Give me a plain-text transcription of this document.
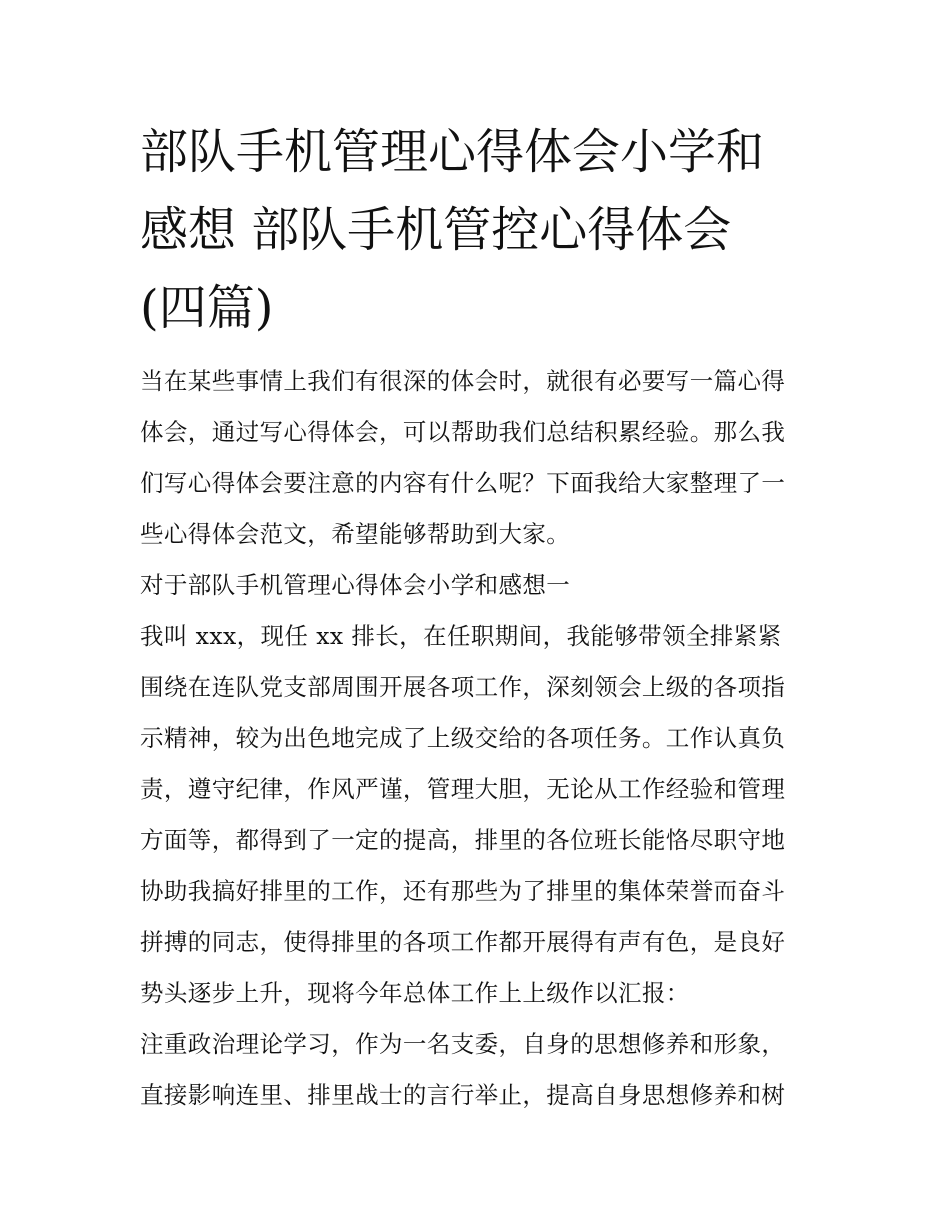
部队手机管理心得体会小学和
感想 部队手机管控心得体会
(四篇)
当在某些事情上我们有很深的体会时，就很有必要写一篇心得
体会，通过写心得体会，可以帮助我们总结积累经验。那么我
们写心得体会要注意的内容有什么呢？下面我给大家整理了一
些心得体会范文，希望能够帮助到大家。
对于部队手机管理心得体会小学和感想一
我叫 xxx，现任 xx 排长，在任职期间，我能够带领全排紧紧
围绕在连队党支部周围开展各项工作，深刻领会上级的各项指
示精神，较为出色地完成了上级交给的各项任务。工作认真负
责，遵守纪律，作风严谨，管理大胆，无论从工作经验和管理
方面等，都得到了一定的提高，排里的各位班长能恪尽职守地
协助我搞好排里的工作，还有那些为了排里的集体荣誉而奋斗
拼搏的同志，使得排里的各项工作都开展得有声有色，是良好
势头逐步上升，现将今年总体工作上上级作以汇报：
注重政治理论学习，作为一名支委，自身的思想修养和形象，
直接影响连里、排里战士的言行举止，提高自身思想修养和树
